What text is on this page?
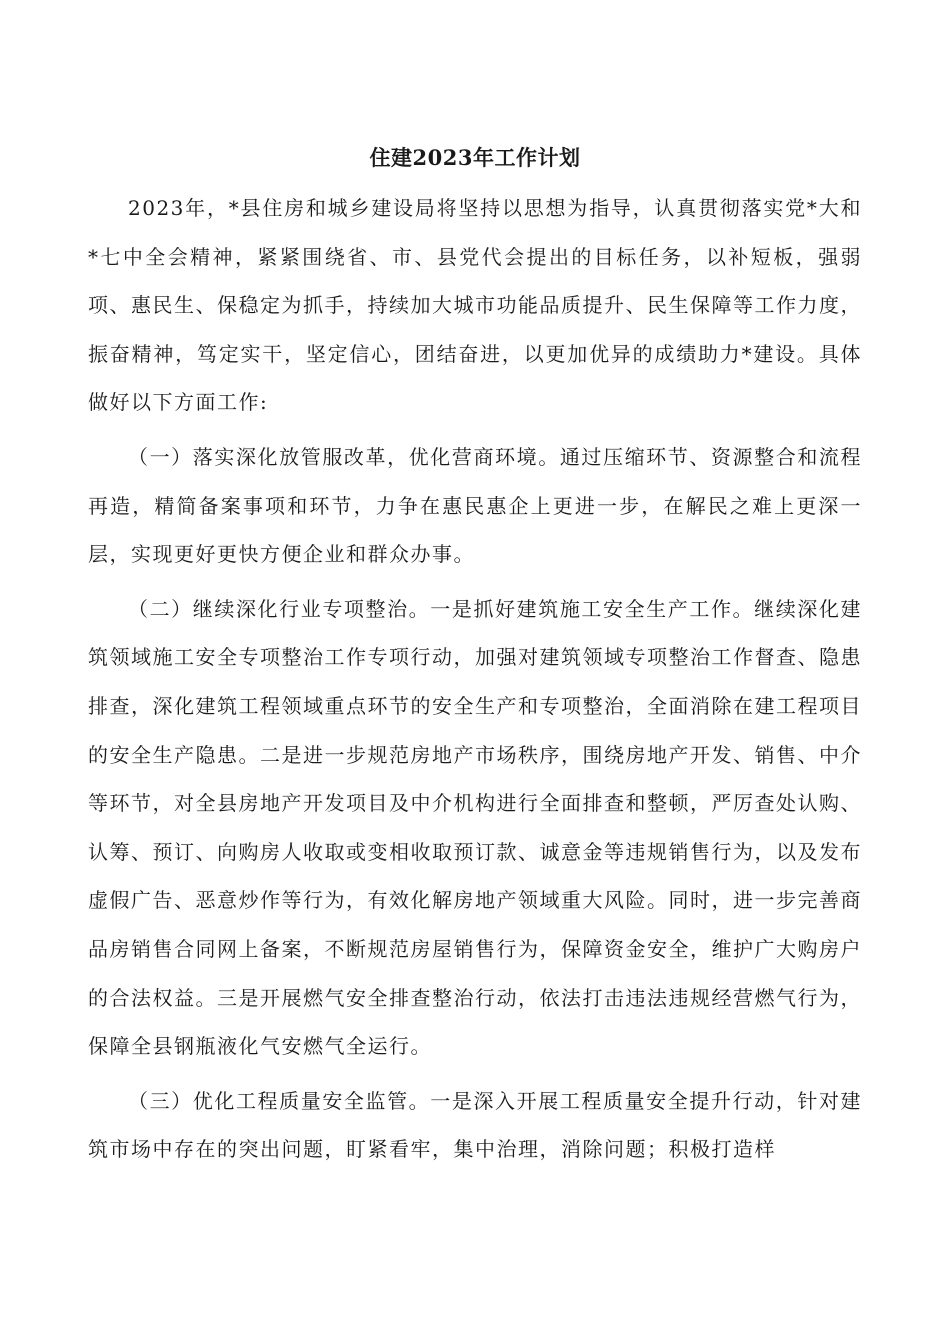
住建2023年工作计划

2023年，*县住房和城乡建设局将坚持以思想为指导，认真贯彻落实党*大和*七中全会精神，紧紧围绕省、市、县党代会提出的目标任务，以补短板，强弱项、惠民生、保稳定为抓手，持续加大城市功能品质提升、民生保障等工作力度，振奋精神，笃定实干，坚定信心，团结奋进，以更加优异的成绩助力*建设。具体做好以下方面工作:

（一）落实深化放管服改革，优化营商环境。通过压缩环节、资源整合和流程再造，精简备案事项和环节，力争在惠民惠企上更进一步，在解民之难上更深一层，实现更好更快方便企业和群众办事。

（二）继续深化行业专项整治。一是抓好建筑施工安全生产工作。继续深化建筑领域施工安全专项整治工作专项行动，加强对建筑领域专项整治工作督查、隐患排查，深化建筑工程领域重点环节的安全生产和专项整治，全面消除在建工程项目的安全生产隐患。二是进一步规范房地产市场秩序，围绕房地产开发、销售、中介等环节，对全县房地产开发项目及中介机构进行全面排查和整顿，严厉查处认购、认筹、预订、向购房人收取或变相收取预订款、诚意金等违规销售行为，以及发布虚假广告、恶意炒作等行为，有效化解房地产领域重大风险。同时，进一步完善商品房销售合同网上备案，不断规范房屋销售行为，保障资金安全，维护广大购房户的合法权益。三是开展燃气安全排查整治行动，依法打击违法违规经营燃气行为，保障全县钢瓶液化气安燃气全运行。

（三）优化工程质量安全监管。一是深入开展工程质量安全提升行动，针对建筑市场中存在的突出问题，盯紧看牢，集中治理，消除问题；积极打造样
